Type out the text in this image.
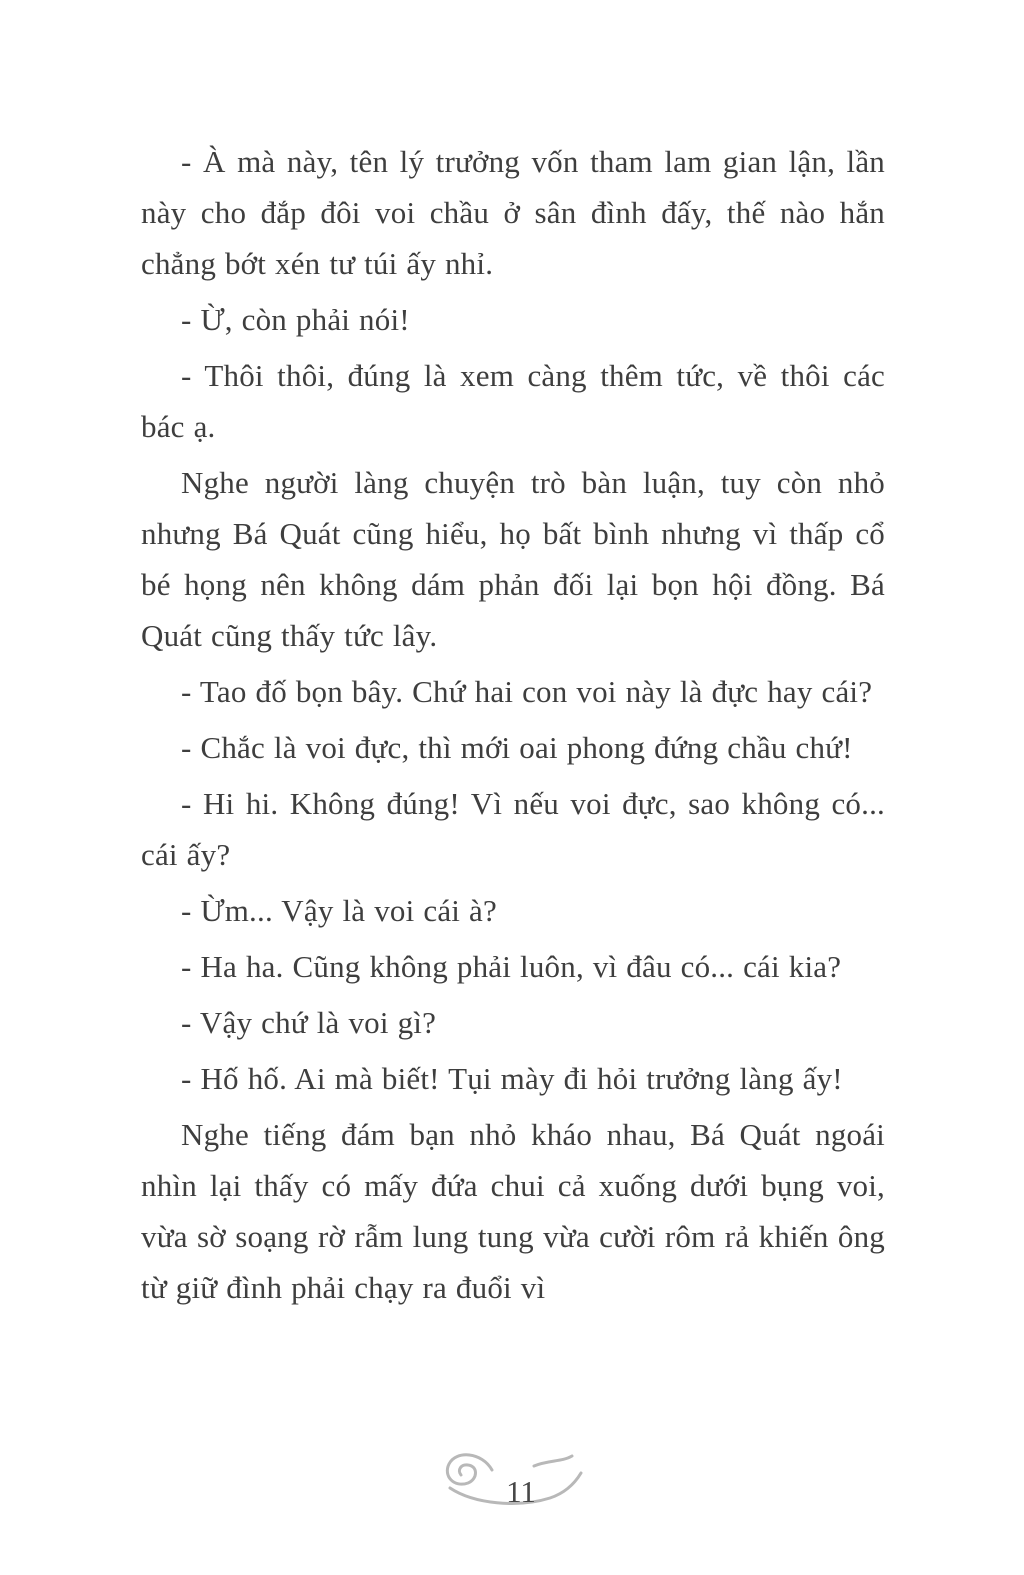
- À mà này, tên lý trưởng vốn tham lam gian lận, lần này cho đắp đôi voi chầu ở sân đình đấy, thế nào hắn chẳng bớt xén tư túi ấy nhỉ.

- Ừ, còn phải nói!

- Thôi thôi, đúng là xem càng thêm tức, về thôi các bác ạ.

Nghe người làng chuyện trò bàn luận, tuy còn nhỏ nhưng Bá Quát cũng hiểu, họ bất bình nhưng vì thấp cổ bé họng nên không dám phản đối lại bọn hội đồng. Bá Quát cũng thấy tức lây.

- Tao đố bọn bây. Chứ hai con voi này là đực hay cái?

- Chắc là voi đực, thì mới oai phong đứng chầu chứ!

- Hi hi. Không đúng! Vì nếu voi đực, sao không có... cái ấy?

- Ừm... Vậy là voi cái à?

- Ha ha. Cũng không phải luôn, vì đâu có... cái kia?

- Vậy chứ là voi gì?

- Hố hố. Ai mà biết! Tụi mày đi hỏi trưởng làng ấy!

Nghe tiếng đám bạn nhỏ kháo nhau, Bá Quát ngoái nhìn lại thấy có mấy đứa chui cả xuống dưới bụng voi, vừa sờ soạng rờ rẫm lung tung vừa cười rôm rả khiến ông từ giữ đình phải chạy ra đuổi vì

11
